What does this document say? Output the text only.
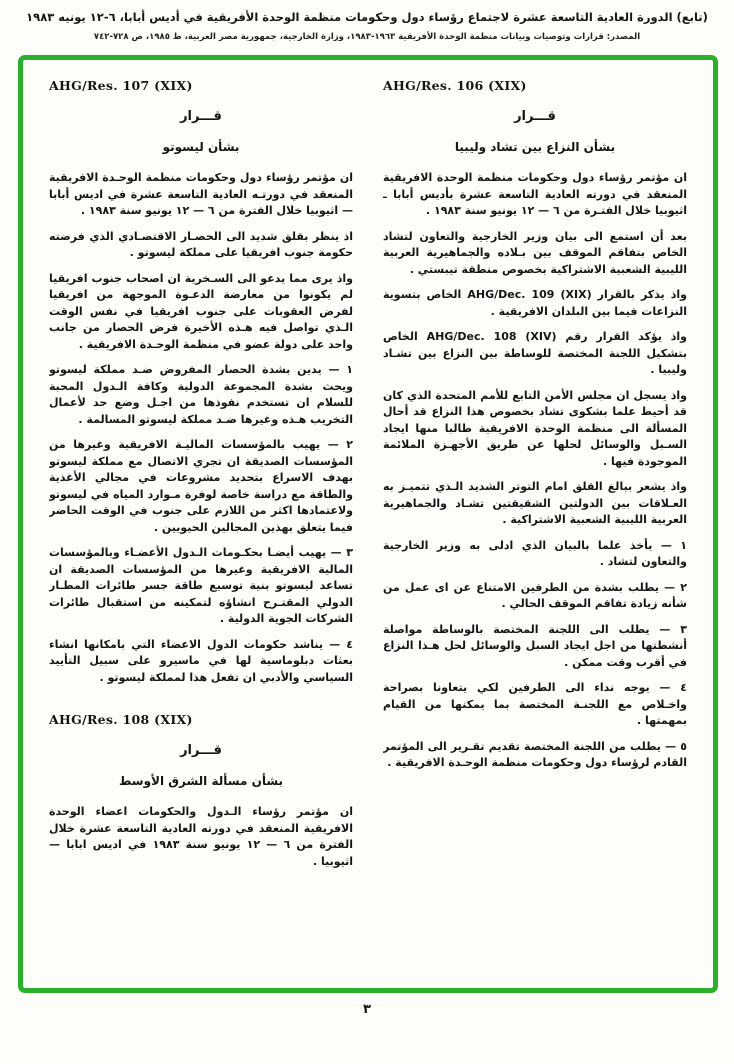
(تابع) الدورة العادية التاسعة عشرة لاجتماع رؤساء دول وحكومات منظمة الوحدة الأفريقية في أديس أبابا، ٦-١٢ يونيه ١٩٨٣
المصدر: قرارات وتوصيات وبيانات منظمة الوحدة الأفريقية ١٩٦٣-١٩٨٣، وزارة الخارجية، جمهورية مصر العربية، ط ١٩٨٥، ص ٧٢٨-٧٤٢
AHG/Res. 106 (XIX)
قـــرار
بشأن النزاع بين تشاد وليبيا

ان مؤتمر رؤساء دول وحكومات منظمة الوحدة الافريقية المنعقد في دورته العادية التاسعة عشرة بأديس أبابا ـ اثيوبيا خلال الفتـرة من ٦ — ١٢ يونيو سنة ١٩٨٣ .

بعد أن استمع الى بيان وزير الخارجية والتعاون لتشاد الخاص بتفاقم الموقف بين بـلاده والجماهيرية العربية الليبية الشعبية الاشتراكية بخصوص منطقة تيبستي .

واذ يذكر بالقرار AHG/Dec. 109 (XIX) الخاص بتسوية النزاعات فيما بين البلدان الافريقية .

واذ يؤكد القرار رقم AHG/Dec. 108 (XIV) الخاص بتشكيل اللجنة المختصة للوساطة بين النزاع بين تشـاد وليبيا .

واذ يسجل ان مجلس الأمن التابع للأمم المتحدة الذي كان قد أحيط علما بشكوى تشاد بخصوص هذا النزاع قد أحال المسألة الى منظمة الوحدة الافريقية طالبا منها ايجاد السـبل والوسائل لحلها عن طريق الأجهـزة الملائمة الموجودة فيها .

واذ يشعر ببالغ القلق امام التوتر الشديد الـذي تتميـز به العـلاقات بين الدولتين الشقيقتين تشـاد والجماهيرية العربية الليبية الشعبية الاشتراكية .

١ — يأخذ علما بالبيان الذي ادلى به وزير الخارجية والتعاون لتشاد .

٢ — يطلب بشدة من الطرفين الامتناع عن اى عمل من شأنه زيادة تفاقم الموقف الحالي .

٣ — يطلب الى اللجنة المختصة بالوساطة مواصلة أنشطتها من اجل ايجاد السبل والوسائل لحل هـذا النزاع في أقرب وقت ممكن .

٤ — يوجه نداء الى الطرفين لكي يتعاونا بصراحة واخـلاص مع اللجنـة المختصة بما يمكنها من القيام بمهمتها .

٥ — يطلب من اللجنة المختصة تقديم تقـرير الى المؤتمر القادم لرؤساء دول وحكومات منظمة الوحـدة الافريقية .

AHG/Res. 107 (XIX)
قـــرار
بشأن ليسوتو

ان مؤتمر رؤساء دول وحكومات منظمة الوحـدة الافريقية المنعقد في دورتـه العادية التاسعة عشرة في اديس أبابا — اثيوبيا خلال الفترة من ٦ — ١٢ يونيو سنة ١٩٨٣ .

اذ ينظر بقلق شديد الى الحصـار الاقتصـادي الذي فرضته حكومة جنوب افريقيا على مملكة ليسوتو .

واذ يرى مما يدعو الى السـخرية ان اصحاب جنوب افريقيا لم يكونوا من معارضة الدعـوة الموجهة من افريقيا لفرض العقوبات على جنوب افريقيا في نفس الوقت الـذي تواصل فيه هـذه الأخيرة فرض الحصار من جانب واحد على دولة عضو في منظمة الوحـدة الافريقية .

١ — يدين بشدة الحصار المفروض ضـد مملكة ليسوتو ويحث بشدة المجموعة الدولية وكافة الـدول المحبة للسلام ان تستخدم نفوذها من اجـل وضع حد لأعمال التخريب هـذه وغيرها ضـد مملكة ليسوتو المسالمة .

٢ — يهيب بالمؤسسات الماليـة الافريقية وغيرها من المؤسسات الصديقة ان تجري الاتصال مع مملكة ليسوتو بهدف الاسراع بتحديد مشروعات في مجالي الأغذية والطاقة مع دراسة خاصة لوفرة مـوارد المياه في ليسوتو ولاعتمادها اكثر من اللازم على جنوب في الوقت الحاضر فيما يتعلق بهذين المجالين الحيويين .

٣ — يهيب أيضـا بحكـومات الـدول الأعضـاء وبالمؤسسات المالية الافريقية وغيرها من المؤسسات الصديقة ان تساعد ليسوتو بنية توسيع طاقة جسر طائرات المطـار الدولي المقتـرح انشاؤه لتمكينه من استقبال طائرات الشركات الجوية الدولية .

٤ — يناشد حكومات الدول الاعضاء التي بامكانها انشاء بعثات دبلوماسية لها في ماسيرو على سبيل التأييد السياسي والأدبي ان تفعل هذا لمملكة ليسوتو .

AHG/Res. 108 (XIX)
قـــرار
بشأن مسألة الشرق الأوسط

ان مؤتمر رؤساء الـدول والحكومات اعضاء الوحدة الافريقية المنعقد في دورته العادية التاسعة عشرة خلال الفترة من ٦ — ١٢ يونيو سنة ١٩٨٣ في اديس ابابا — اثيوبيا .

٣
